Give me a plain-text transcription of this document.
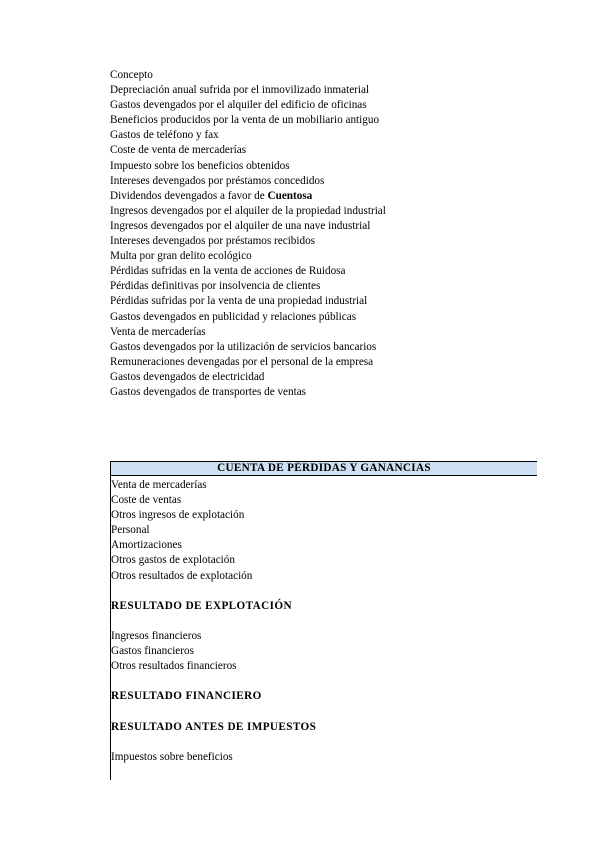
Concepto
Depreciación anual sufrida por el inmovilizado inmaterial
Gastos devengados por el alquiler del edificio de oficinas
Beneficios producidos por la venta de un mobiliario antiguo
Gastos de teléfono y fax
Coste de venta de mercaderías
Impuesto sobre los beneficios obtenidos
Intereses devengados por préstamos concedidos
Dividendos devengados a favor de Cuentosa
Ingresos devengados por el alquiler de la propiedad industrial
Ingresos devengados por el alquiler de una nave industrial
Intereses devengados por préstamos recibidos
Multa por gran delito ecológico
Pérdidas sufridas en la venta de acciones de Ruidosa
Pérdidas definitivas por insolvencia de clientes
Pérdidas sufridas por la venta de una propiedad industrial
Gastos devengados en publicidad y relaciones públicas
Venta de mercaderías
Gastos devengados por la utilización de servicios bancarios
Remuneraciones devengadas por el personal de la empresa
Gastos devengados de electricidad
Gastos devengados de transportes de ventas
CUENTA DE PÉRDIDAS Y GANANCIAS
Venta de mercaderías
Coste de ventas
Otros ingresos de explotación
Personal
Amortizaciones
Otros gastos de explotación
Otros resultados de explotación
RESULTADO DE EXPLOTACIÓN
Ingresos financieros
Gastos financieros
Otros resultados financieros
RESULTADO FINANCIERO
RESULTADO ANTES DE IMPUESTOS
Impuestos sobre beneficios
